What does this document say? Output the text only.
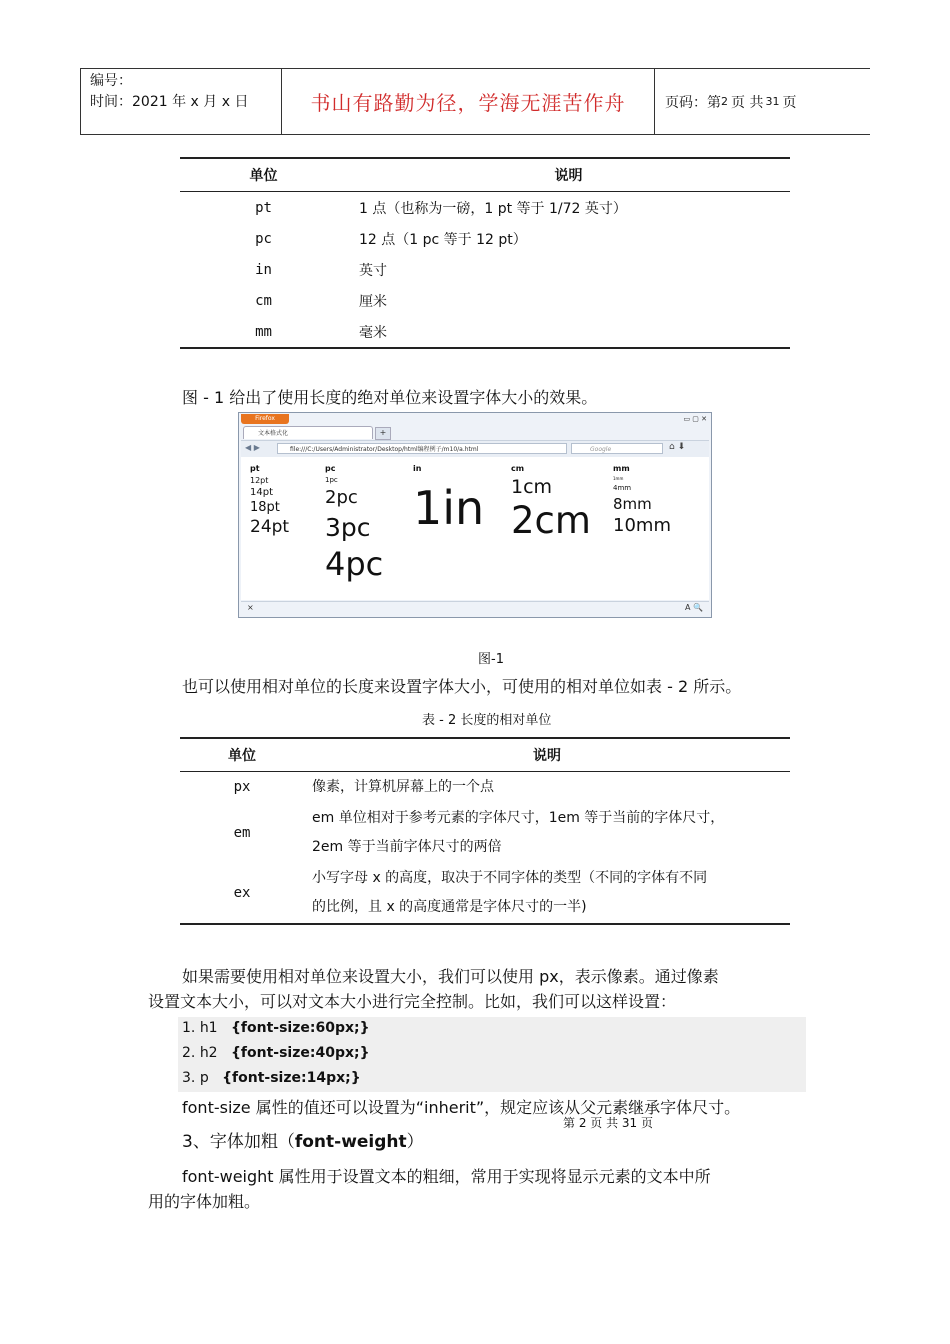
编号：
时间：2021 年 x 月 x 日	书山有路勤为径，学海无涯苦作舟	页码：第 2 页 共 31 页
单位	说明
pt	1 点（也称为一磅，1 pt 等于 1/72 英寸）
pc	12 点（1 pc 等于 12 pt）
in	英寸
cm	厘米
mm	毫米

图 - 1 给出了使用长度的绝对单位来设置字体大小的效果。

Firefox	▭ ▢ ✕
文本格式化	+
◀ ▶	file:///C:/Users/Administrator/Desktop/html编程例子/m10/a.html	Google	⌂ ⬇
pt
12pt
14pt
18pt
24pt
pc
1pc
2pc
3pc
4pc
in
1in
cm
1cm
2cm
mm
1mm
4mm
8mm
10mm
×	A 🔍
图-1

也可以使用相对单位的长度来设置字体大小，可使用的相对单位如表 - 2 所示。

表 - 2 长度的相对单位
单位	说明
px	像素，计算机屏幕上的一个点

em	em 单位相对于参考元素的字体尺寸，1em 等于当前的字体尺寸，
2em 等于当前字体尺寸的两倍

ex	小写字母 x 的高度，取决于不同字体的类型（不同的字体有不同
的比例，且 x 的高度通常是字体尺寸的一半)

如果需要使用相对单位来设置大小，我们可以使用 px，表示像素。通过像素

设置文本大小，可以对文本大小进行完全控制。比如，我们可以这样设置：

1. h1 {font-size:60px;}
2. h2 {font-size:40px;}
3. p {font-size:14px;}

font-size 属性的值还可以设置为“inherit”，规定应该从父元素继承字体尺寸。

第 2 页 共 31 页

3、字体加粗（font-weight）

font-weight 属性用于设置文本的粗细，常用于实现将显示元素的文本中所

用的字体加粗。
